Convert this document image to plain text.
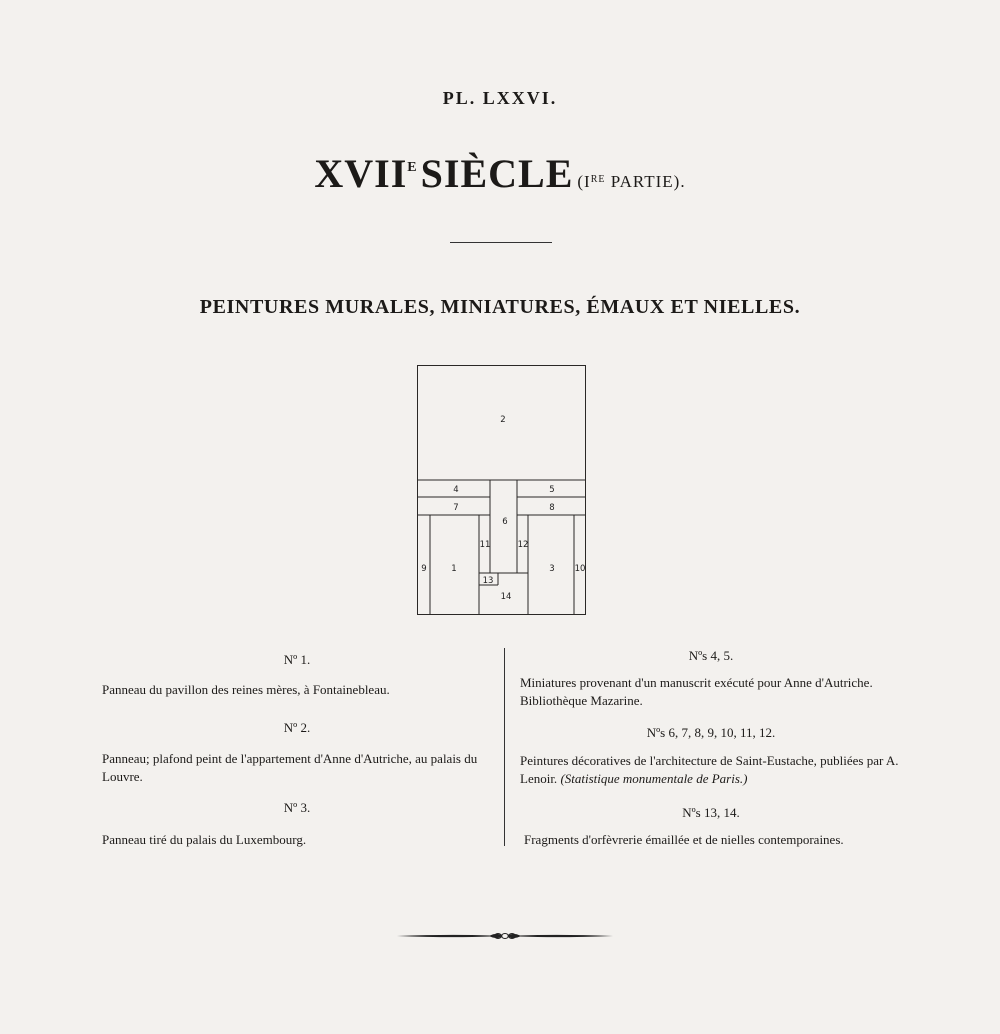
PL. LXXVI.
XVIIE SIÈCLE (IRE PARTIE).
PEINTURES MURALES, MINIATURES, ÉMAUX ET NIELLES.
1
2
3
4	5
6
7	8
9	10
11	12
13
14
Nº 1.
Panneau du pavillon des reines mères, à Fontainebleau.
Nº 2.

Panneau; plafond peint de l'appartement d'Anne d'Autriche, au palais du Louvre.

Nº 3.
Panneau tiré du palais du Luxembourg.
Nºs 4, 5.
Miniatures provenant d'un manuscrit exécuté pour Anne d'Autriche. Bibliothèque Mazarine.
Nºs 6, 7, 8, 9, 10, 11, 12.
Peintures décoratives de l'architecture de Saint-Eustache, publiées par A. Lenoir. (Statistique monumentale de Paris.)
Nºs 13, 14.
Fragments d'orfèvrerie émaillée et de nielles contemporaines.
